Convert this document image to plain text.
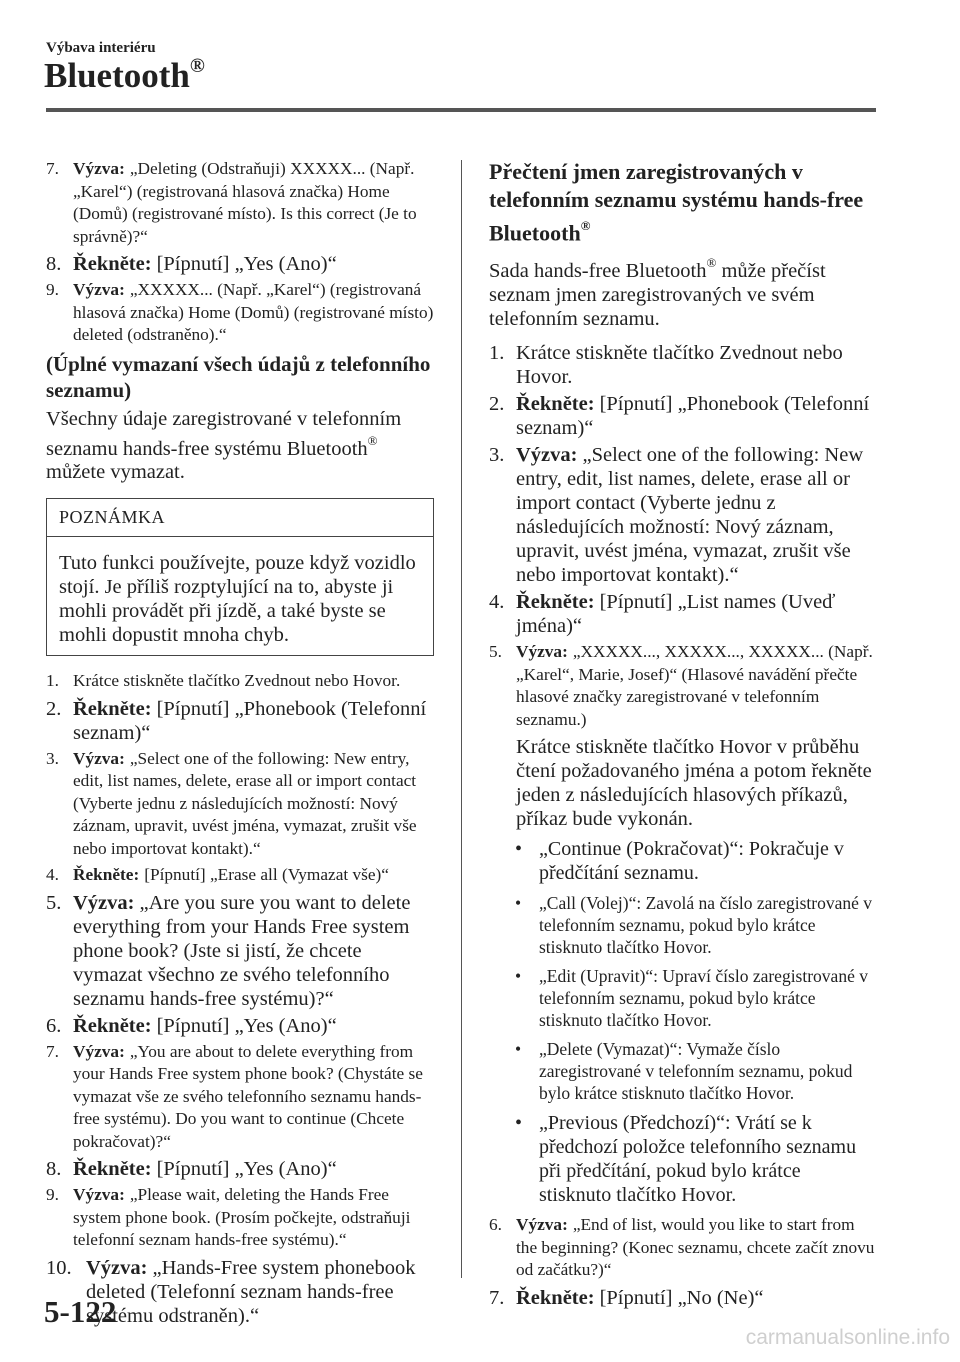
Výbava interiéru
Bluetooth®
7. Výzva: „Deleting (Odstraňuji) XXXXX... (Např. „Karel“) (registrovaná hlasová značka) Home (Domů) (registrované místo). Is this correct (Je to správně)?“
8. Řekněte: [Pípnutí] „Yes (Ano)“
9. Výzva: „XXXXX... (Např. „Karel“) (registrovaná hlasová značka) Home (Domů) (registrované místo) deleted (odstraněno).“
(Úplné vymazaní všech údajů z telefonního seznamu)
Všechny údaje zaregistrované v telefonním seznamu hands-free systému Bluetooth® můžete vymazat.
POZNÁMKA
Tuto funkci používejte, pouze když vozidlo stojí. Je příliš rozptylující na to, abyste ji mohli provádět při jízdě, a také byste se mohli dopustit mnoha chyb.
1. Krátce stiskněte tlačítko Zvednout nebo Hovor.
2. Řekněte: [Pípnutí] „Phonebook (Telefonní seznam)“
3. Výzva: „Select one of the following: New entry, edit, list names, delete, erase all or import contact (Vyberte jednu z následujících možností: Nový záznam, upravit, uvést jména, vymazat, zrušit vše nebo importovat kontakt).“
4. Řekněte: [Pípnutí] „Erase all (Vymazat vše)“
5. Výzva: „Are you sure you want to delete everything from your Hands Free system phone book? (Jste si jistí, že chcete vymazat všechno ze svého telefonního seznamu hands-free systému)?“
6. Řekněte: [Pípnutí] „Yes (Ano)“
7. Výzva: „You are about to delete everything from your Hands Free system phone book? (Chystáte se vymazat vše ze svého telefonního seznamu hands-free systému). Do you want to continue (Chcete pokračovat)?“
8. Řekněte: [Pípnutí] „Yes (Ano)“
9. Výzva: „Please wait, deleting the Hands Free system phone book. (Prosím počkejte, odstraňuji telefonní seznam hands-free systému).“
10. Výzva: „Hands-Free system phonebook deleted (Telefonní seznam hands-free systému odstraněn).“
Přečtení jmen zaregistrovaných v telefonním seznamu systému hands-free Bluetooth®
Sada hands-free Bluetooth® může přečíst seznam jmen zaregistrovaných ve svém telefonním seznamu.
1. Krátce stiskněte tlačítko Zvednout nebo Hovor.
2. Řekněte: [Pípnutí] „Phonebook (Telefonní seznam)“
3. Výzva: „Select one of the following: New entry, edit, list names, delete, erase all or import contact (Vyberte jednu z následujících možností: Nový záznam, upravit, uvést jména, vymazat, zrušit vše nebo importovat kontakt).“
4. Řekněte: [Pípnutí] „List names (Uveď jména)“
5. Výzva: „XXXXX..., XXXXX..., XXXXX... (Např. „Karel“, Marie, Josef)“ (Hlasové navádění přečte hlasové značky zaregistrované v telefonním seznamu.)
Krátce stiskněte tlačítko Hovor v průběhu čtení požadovaného jména a potom řekněte jeden z následujících hlasových příkazů, příkaz bude vykonán.
• „Continue (Pokračovat)“: Pokračuje v předčítání seznamu.
•	„Call (Volej)“: Zavolá na číslo zaregistrované v telefonním seznamu, pokud bylo krátce stisknuto tlačítko Hovor.
•	„Edit (Upravit)“: Upraví číslo zaregistrované v telefonním seznamu, pokud bylo krátce stisknuto tlačítko Hovor.
•	„Delete (Vymazat)“: Vymaže číslo zaregistrované v telefonním seznamu, pokud bylo krátce stisknuto tlačítko Hovor.
• „Previous (Předchozí)“: Vrátí se k předchozí položce telefonního seznamu při předčítání, pokud bylo krátce stisknuto tlačítko Hovor.
6. Výzva: „End of list, would you like to start from the beginning? (Konec seznamu, chcete začít znovu od začátku?)“
7. Řekněte: [Pípnutí] „No (Ne)“
5-122
carmanualsonline.info
